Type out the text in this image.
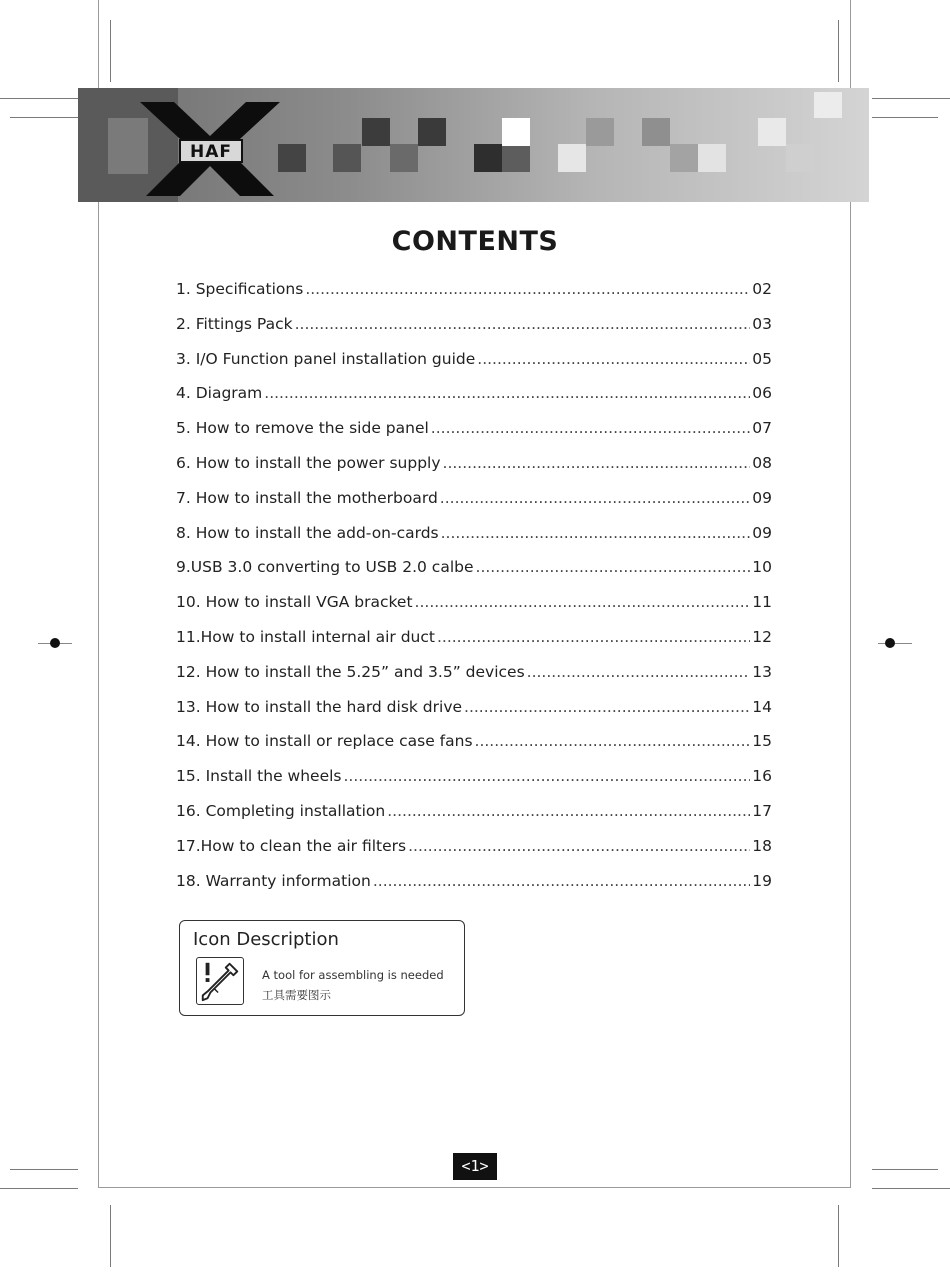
HAF
CONTENTS
1. Specifications .....	02
2. Fittings Pack .....	03
3. I/O Function panel installation guide .....	05
4. Diagram .....	06
5. How to remove the side panel .....	07
6. How to install the power supply .....	08
7. How to install the motherboard .....	09
8. How to install the add-on-cards .....	09
9.USB 3.0 converting to USB 2.0 calbe .....	10
10. How to install VGA bracket .....	11
11.How to install internal air duct .....	12
12. How to install the 5.25” and 3.5” devices .....	13
13. How to install the hard disk drive .....	14
14. How to install or replace case fans .....	15
15. Install the wheels .....	16
16. Completing installation .....	17
17.How to clean the air filters .....	18
18. Warranty information .....	19
Icon Description
A tool for assembling is needed
工具需要图示
<1>
